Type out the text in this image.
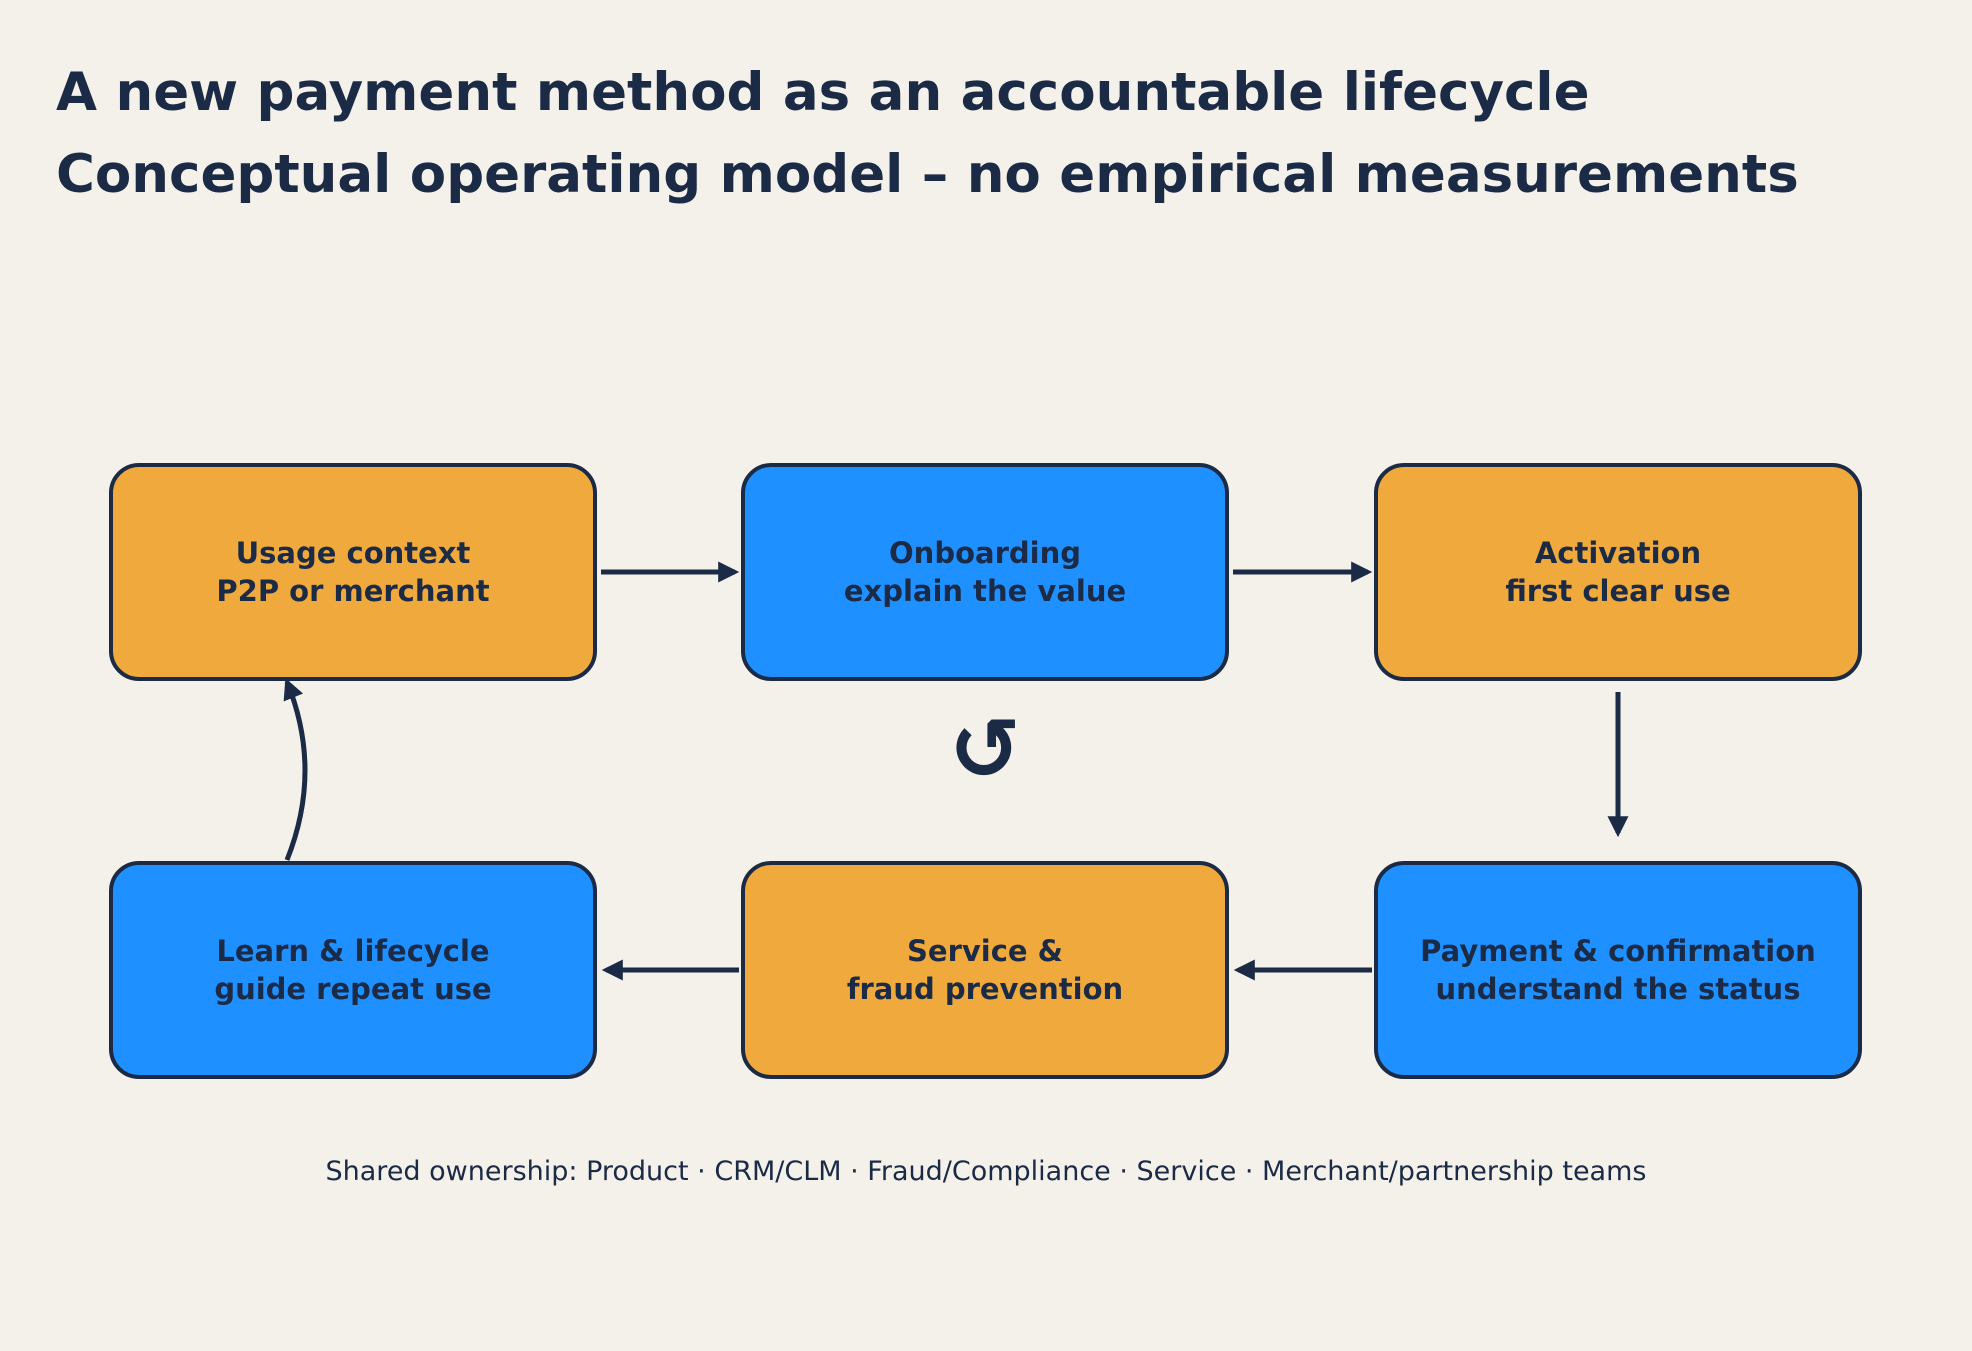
A new payment method as an accountable lifecycle
Conceptual operating model – no empirical measurements
Usage context
P2P or merchant
Onboarding
explain the value
Activation
first clear use
Payment & confirmation
understand the status
Service &
fraud prevention
Learn & lifecycle
guide repeat use
↺
Shared ownership: Product · CRM/CLM · Fraud/Compliance · Service · Merchant/partnership teams
